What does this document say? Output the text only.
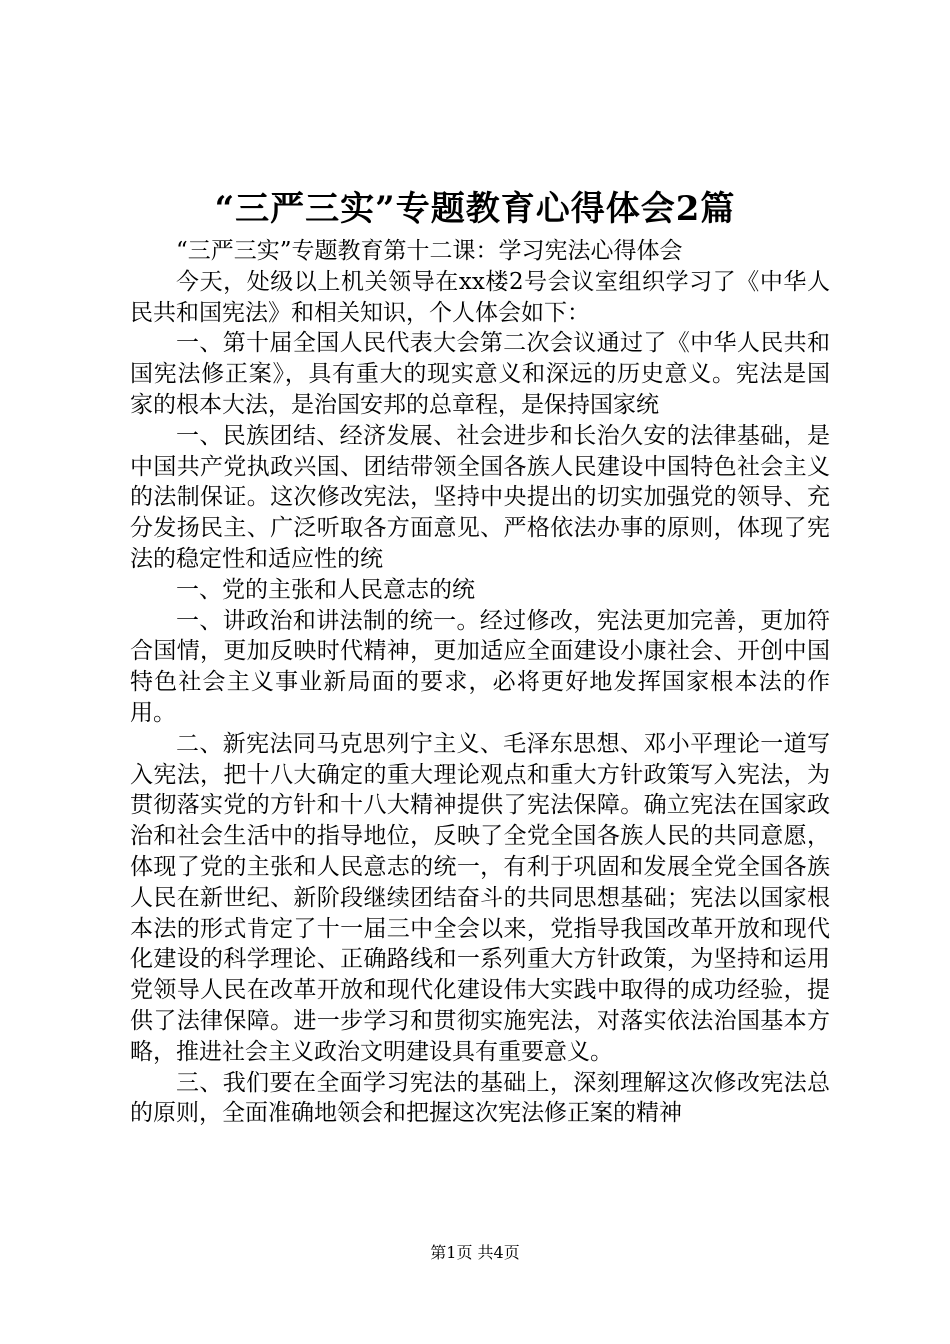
“三严三实”专题教育心得体会2篇

“三严三实”专题教育第十二课：学习宪法心得体会

今天，处级以上机关领导在xx楼2号会议室组织学习了《中华人民共和国宪法》和相关知识，个人体会如下：

一、第十届全国人民代表大会第二次会议通过了《中华人民共和国宪法修正案》，具有重大的现实意义和深远的历史意义。宪法是国家的根本大法，是治国安邦的总章程，是保持国家统

一、民族团结、经济发展、社会进步和长治久安的法律基础，是中国共产党执政兴国、团结带领全国各族人民建设中国特色社会主义的法制保证。这次修改宪法，坚持中央提出的切实加强党的领导、充分发扬民主、广泛听取各方面意见、严格依法办事的原则，体现了宪法的稳定性和适应性的统

一、党的主张和人民意志的统

一、讲政治和讲法制的统一。经过修改，宪法更加完善，更加符合国情，更加反映时代精神，更加适应全面建设小康社会、开创中国特色社会主义事业新局面的要求，必将更好地发挥国家根本法的作用。

二、新宪法同马克思列宁主义、毛泽东思想、邓小平理论一道写入宪法，把十八大确定的重大理论观点和重大方针政策写入宪法，为贯彻落实党的方针和十八大精神提供了宪法保障。确立宪法在国家政治和社会生活中的指导地位，反映了全党全国各族人民的共同意愿，体现了党的主张和人民意志的统一，有利于巩固和发展全党全国各族人民在新世纪、新阶段继续团结奋斗的共同思想基础；宪法以国家根本法的形式肯定了十一届三中全会以来，党指导我国改革开放和现代化建设的科学理论、正确路线和一系列重大方针政策，为坚持和运用党领导人民在改革开放和现代化建设伟大实践中取得的成功经验，提供了法律保障。进一步学习和贯彻实施宪法，对落实依法治国基本方略，推进社会主义政治文明建设具有重要意义。

三、我们要在全面学习宪法的基础上，深刻理解这次修改宪法总的原则，全面准确地领会和把握这次宪法修正案的精神

第1页 共4页
